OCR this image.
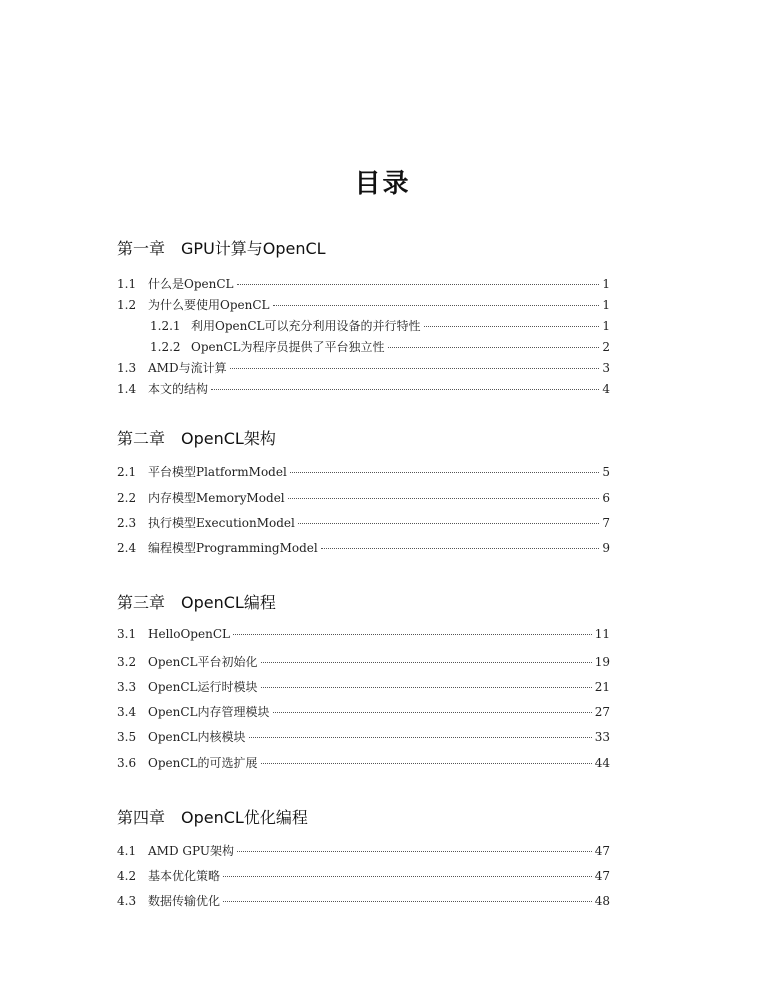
目录
第一章 GPU计算与OpenCL
1.1 什么是OpenCL	1
1.2 为什么要使用OpenCL	1
1.2.1 利用OpenCL可以充分利用设备的并行特性	1
1.2.2 OpenCL为程序员提供了平台独立性	2
1.3 AMD与流计算	3
1.4 本文的结构	4
第二章 OpenCL架构
2.1 平台模型PlatformModel	5
2.2 内存模型MemoryModel	6
2.3 执行模型ExecutionModel	7
2.4 编程模型ProgrammingModel	9
第三章 OpenCL编程
3.1 HelloOpenCL	11
3.2 OpenCL平台初始化	19
3.3 OpenCL运行时模块	21
3.4 OpenCL内存管理模块	27
3.5 OpenCL内核模块	33
3.6 OpenCL的可选扩展	44
第四章 OpenCL优化编程
4.1 AMD GPU架构	47
4.2 基本优化策略	47
4.3 数据传输优化	48
